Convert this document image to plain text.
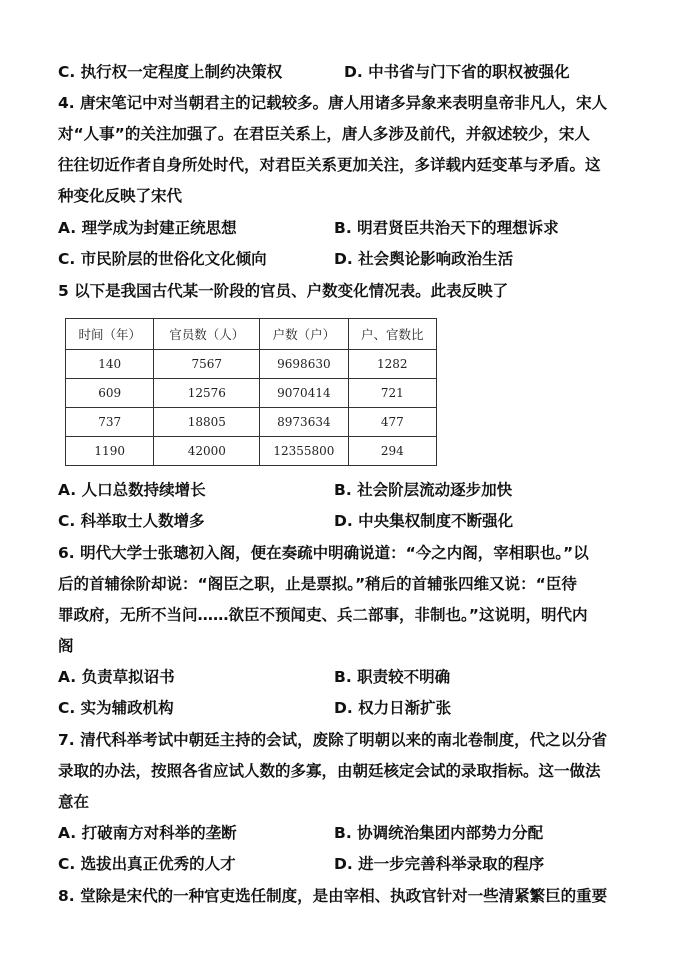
C. 执行权一定程度上制约决策权	D. 中书省与门下省的职权被强化
4. 唐宋笔记中对当朝君主的记载较多。唐人用诸多异象来表明皇帝非凡人，宋人
对“人事”的关注加强了。在君臣关系上，唐人多涉及前代，并叙述较少，宋人
往往切近作者自身所处时代，对君臣关系更加关注，多详载内廷变革与矛盾。这
种变化反映了宋代
A. 理学成为封建正统思想	B. 明君贤臣共治天下的理想诉求
C. 市民阶层的世俗化文化倾向	D. 社会舆论影响政治生活
5 以下是我国古代某一阶段的官员、户数变化情况表。此表反映了
时间（年）	官员数（人）	户数（户）	户、官数比
140	7567	9698630	1282
609	12576	9070414	721
737	18805	8973634	477
1190	42000	12355800	294
A. 人口总数持续增长	B. 社会阶层流动逐步加快
C. 科举取士人数增多	D. 中央集权制度不断强化
6. 明代大学士张璁初入阁，便在奏疏中明确说道：“今之内阁，宰相职也。”以
后的首辅徐阶却说：“阁臣之职，止是票拟。”稍后的首辅张四维又说：“臣待
罪政府，无所不当问……欲臣不预闻吏、兵二部事，非制也。”这说明，明代内
阁
A. 负责草拟诏书	B. 职责较不明确
C. 实为辅政机构	D. 权力日渐扩张
7. 清代科举考试中朝廷主持的会试，废除了明朝以来的南北卷制度，代之以分省
录取的办法，按照各省应试人数的多寡，由朝廷核定会试的录取指标。这一做法
意在
A. 打破南方对科举的垄断	B. 协调统治集团内部势力分配
C. 选拔出真正优秀的人才	D. 进一步完善科举录取的程序
8. 堂除是宋代的一种官吏选任制度，是由宰相、执政官针对一些清紧繁巨的重要
